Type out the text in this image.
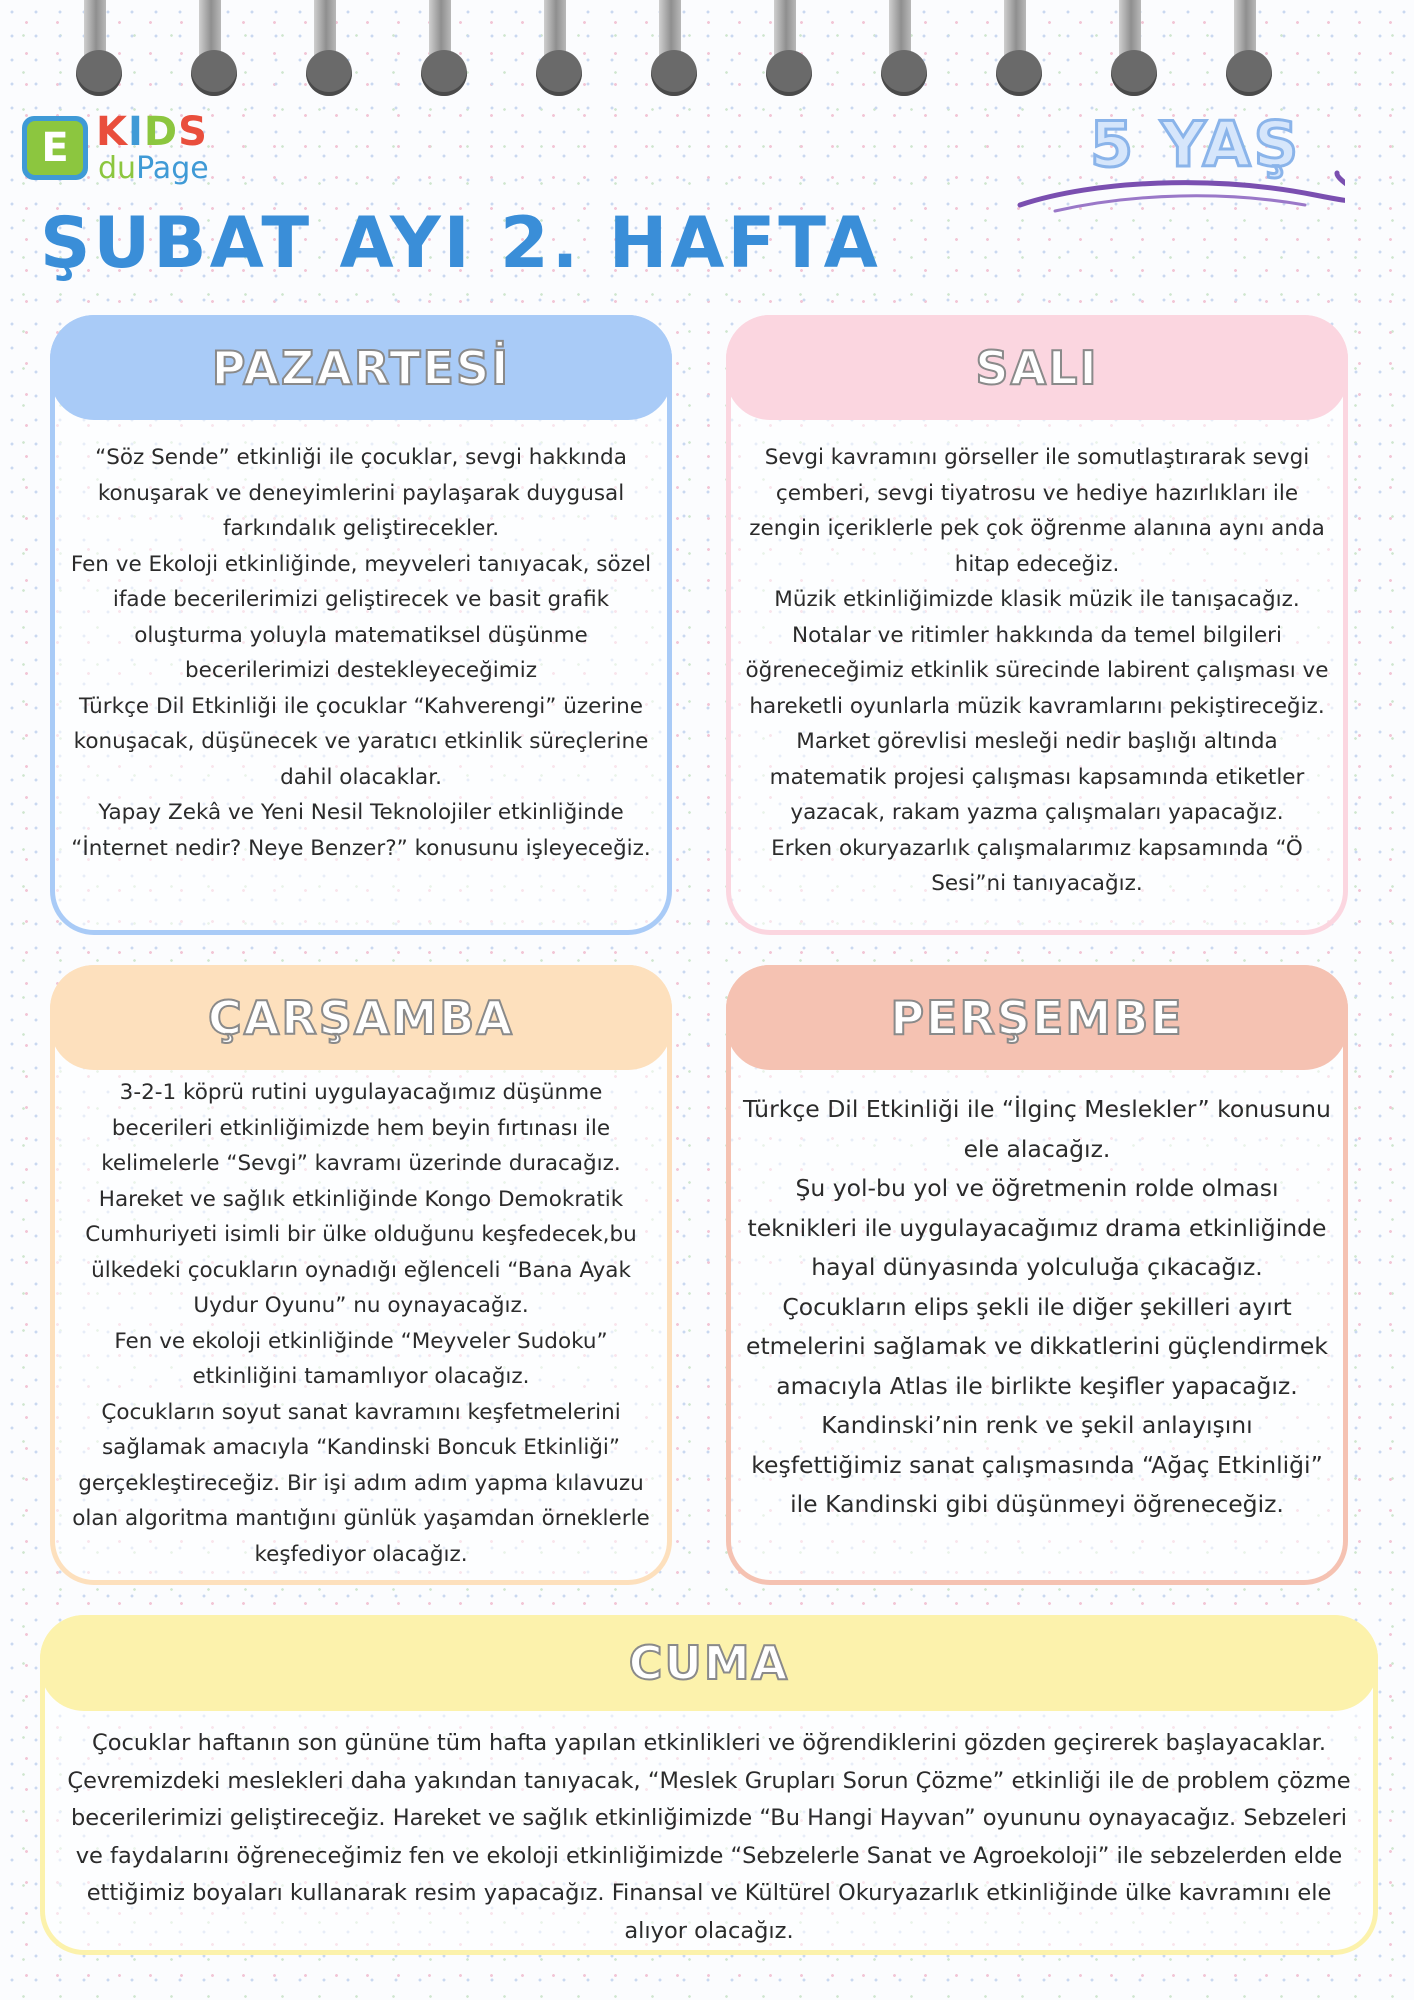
E KIDS
duPage	5 YAŞ
ŞUBAT AYI 2. HAFTA
PAZARTESİ

“Söz Sende” etkinliği ile çocuklar, sevgi hakkında konuşarak ve deneyimlerini paylaşarak duygusal farkındalık geliştirecekler.

Fen ve Ekoloji etkinliğinde, meyveleri tanıyacak, sözel ifade becerilerimizi geliştirecek ve basit grafik oluşturma yoluyla matematiksel düşünme becerilerimizi destekleyeceğimiz

Türkçe Dil Etkinliği ile çocuklar “Kahverengi” üzerine konuşacak, düşünecek ve yaratıcı etkinlik süreçlerine dahil olacaklar.

Yapay Zekâ ve Yeni Nesil Teknolojiler etkinliğinde “İnternet nedir? Neye Benzer?” konusunu işleyeceğiz.

SALI

Sevgi kavramını görseller ile somutlaştırarak sevgi çemberi, sevgi tiyatrosu ve hediye hazırlıkları ile zengin içeriklerle pek çok öğrenme alanına aynı anda hitap edeceğiz.

Müzik etkinliğimizde klasik müzik ile tanışacağız. Notalar ve ritimler hakkında da temel bilgileri öğreneceğimiz etkinlik sürecinde labirent çalışması ve hareketli oyunlarla müzik kavramlarını pekiştireceğiz.

Market görevlisi mesleği nedir başlığı altında matematik projesi çalışması kapsamında etiketler yazacak, rakam yazma çalışmaları yapacağız.

Erken okuryazarlık çalışmalarımız kapsamında “Ö Sesi”ni tanıyacağız.

ÇARŞAMBA

3-2-1 köprü rutini uygulayacağımız düşünme becerileri etkinliğimizde hem beyin fırtınası ile kelimelerle “Sevgi” kavramı üzerinde duracağız.

Hareket ve sağlık etkinliğinde Kongo Demokratik Cumhuriyeti isimli bir ülke olduğunu keşfedecek,bu ülkedeki çocukların oynadığı eğlenceli “Bana Ayak Uydur Oyunu” nu oynayacağız.

Fen ve ekoloji etkinliğinde “Meyveler Sudoku” etkinliğini tamamlıyor olacağız.

Çocukların soyut sanat kavramını keşfetmelerini sağlamak amacıyla “Kandinski Boncuk Etkinliği” gerçekleştireceğiz. Bir işi adım adım yapma kılavuzu olan algoritma mantığını günlük yaşamdan örneklerle keşfediyor olacağız.

PERŞEMBE

Türkçe Dil Etkinliği ile “İlginç Meslekler” konusunu ele alacağız.

Şu yol-bu yol ve öğretmenin rolde olması teknikleri ile uygulayacağımız drama etkinliğinde hayal dünyasında yolculuğa çıkacağız.

Çocukların elips şekli ile diğer şekilleri ayırt etmelerini sağlamak ve dikkatlerini güçlendirmek amacıyla Atlas ile birlikte keşifler yapacağız.

Kandinski’nin renk ve şekil anlayışını keşfettiğimiz sanat çalışmasında “Ağaç Etkinliği” ile Kandinski gibi düşünmeyi öğreneceğiz.

CUMA

Çocuklar haftanın son gününe tüm hafta yapılan etkinlikleri ve öğrendiklerini gözden geçirerek başlayacaklar. Çevremizdeki meslekleri daha yakından tanıyacak, “Meslek Grupları Sorun Çözme” etkinliği ile de problem çözme becerilerimizi geliştireceğiz. Hareket ve sağlık etkinliğimizde “Bu Hangi Hayvan” oyununu oynayacağız. Sebzeleri ve faydalarını öğreneceğimiz fen ve ekoloji etkinliğimizde “Sebzelerle Sanat ve Agroekoloji” ile sebzelerden elde ettiğimiz boyaları kullanarak resim yapacağız. Finansal ve Kültürel Okuryazarlık etkinliğinde ülke kavramını ele alıyor olacağız.
